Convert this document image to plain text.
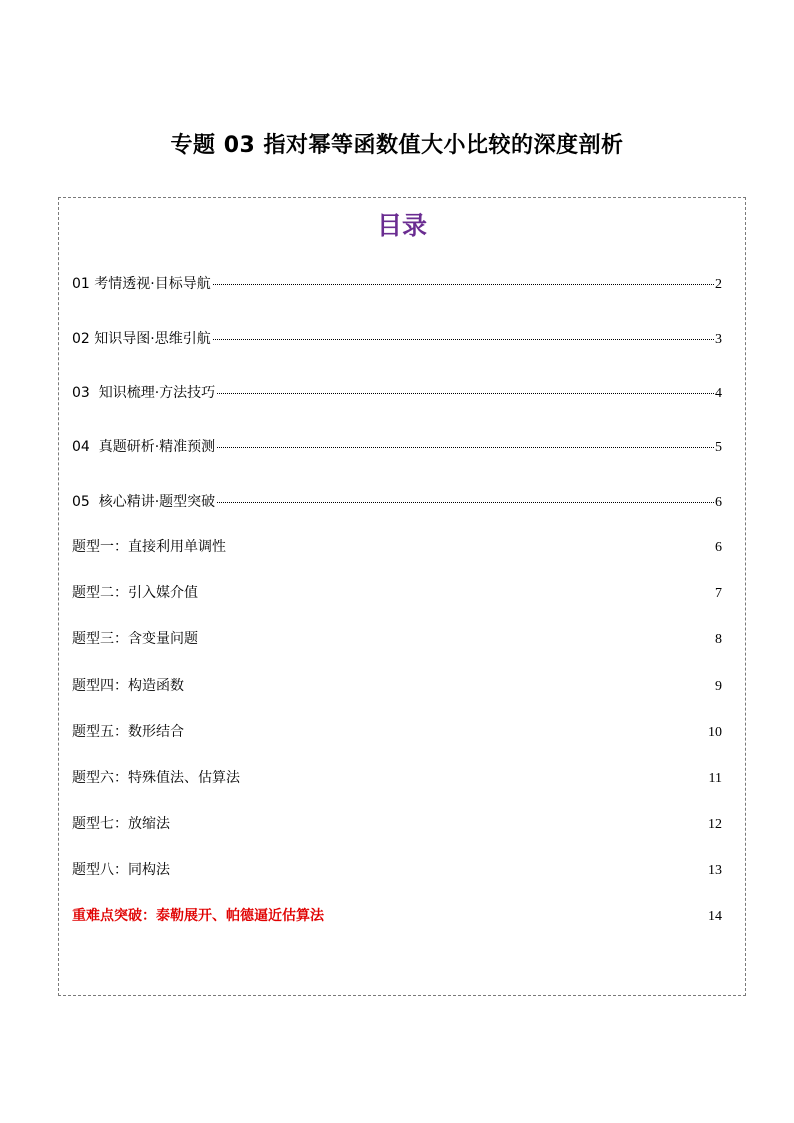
专题 03 指对幂等函数值大小比较的深度剖析
目录
01 考情透视·目标导航	2
02 知识导图·思维引航	3
03  知识梳理·方法技巧	4
04  真题研析·精准预测	5
05  核心精讲·题型突破	6
题型一：直接利用单调性	6
题型二：引入媒介值	7
题型三：含变量问题	8
题型四：构造函数	9
题型五：数形结合	10
题型六：特殊值法、估算法	11
题型七：放缩法	12
题型八：同构法	13
重难点突破：泰勒展开、帕德逼近估算法	14
